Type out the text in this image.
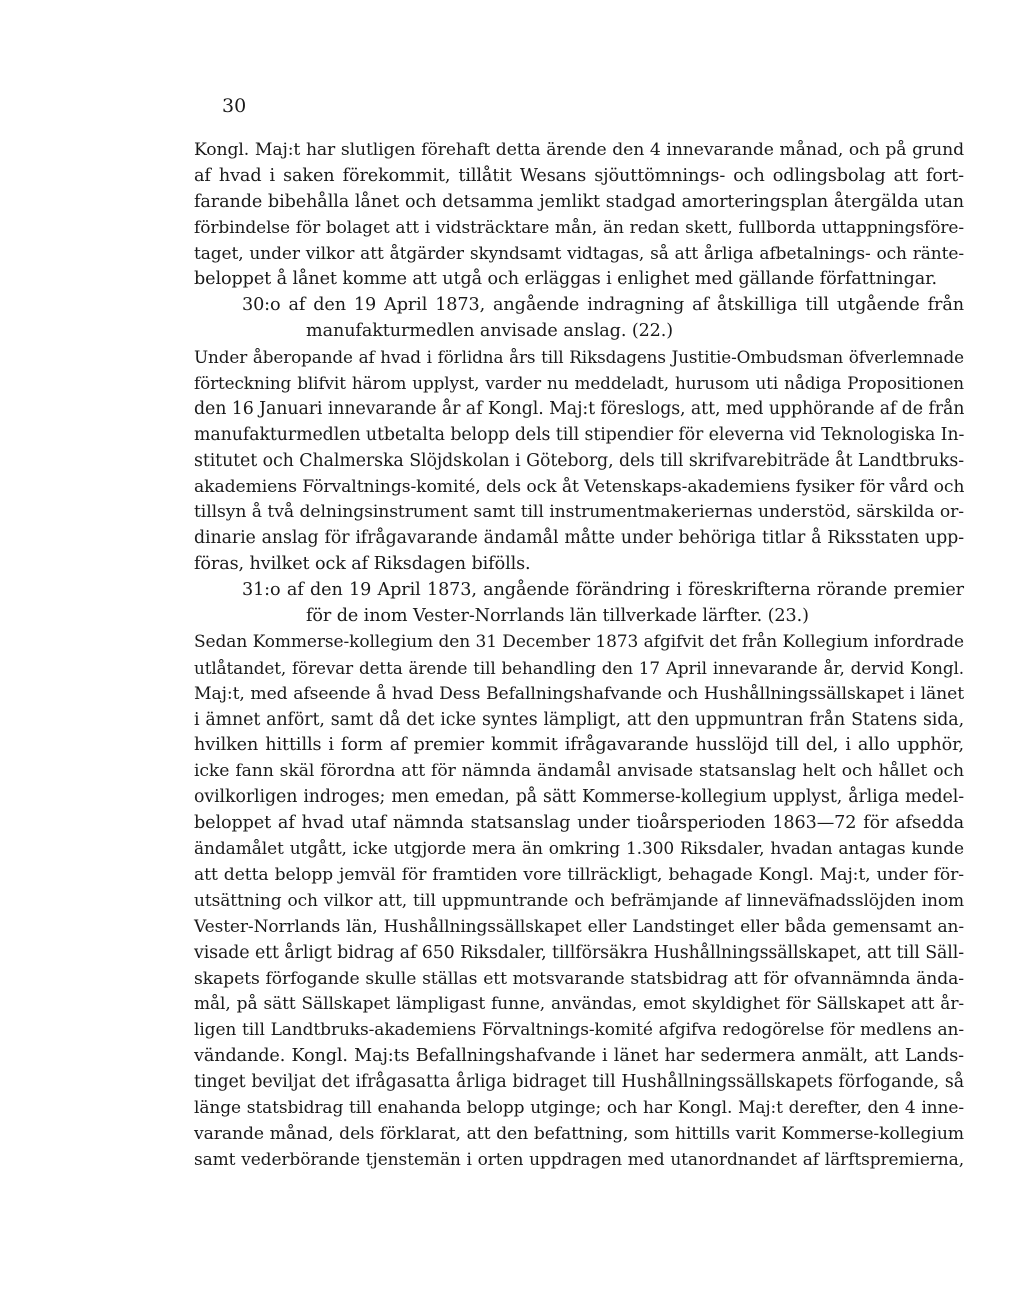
30
Kongl. Maj:t har slutligen förehaft detta ärende den 4 innevarande månad, och på grund
af hvad i saken förekommit, tillåtit Wesans sjöuttömnings- och odlingsbolag att fort-
farande bibehålla lånet och detsamma jemlikt stadgad amorteringsplan återgälda utan
förbindelse för bolaget att i vidsträcktare mån, än redan skett, fullborda uttappningsföre-
taget, under vilkor att åtgärder skyndsamt vidtagas, så att årliga afbetalnings- och ränte-
beloppet å lånet komme att utgå och erläggas i enlighet med gällande författningar.
30:o af den 19 April 1873, angående indragning af åtskilliga till utgående från
manufakturmedlen anvisade anslag. (22.)
Under åberopande af hvad i förlidna års till Riksdagens Justitie-Ombudsman öfverlemnade
förteckning blifvit härom upplyst, varder nu meddeladt, hurusom uti nådiga Propositionen
den 16 Januari innevarande år af Kongl. Maj:t föreslogs, att, med upphörande af de från
manufakturmedlen utbetalta belopp dels till stipendier för eleverna vid Teknologiska In-
stitutet och Chalmerska Slöjdskolan i Göteborg, dels till skrifvarebiträde åt Landtbruks-
akademiens Förvaltnings-komité, dels ock åt Vetenskaps-akademiens fysiker för vård och
tillsyn å två delningsinstrument samt till instrumentmakeriernas understöd, särskilda or-
dinarie anslag för ifrågavarande ändamål måtte under behöriga titlar å Riksstaten upp-
föras, hvilket ock af Riksdagen bifölls.
31:o af den 19 April 1873, angående förändring i föreskrifterna rörande premier
för de inom Vester-Norrlands län tillverkade lärfter. (23.)
Sedan Kommerse-kollegium den 31 December 1873 afgifvit det från Kollegium infordrade
utlåtandet, förevar detta ärende till behandling den 17 April innevarande år, dervid Kongl.
Maj:t, med afseende å hvad Dess Befallningshafvande och Hushållningssällskapet i länet
i ämnet anfört, samt då det icke syntes lämpligt, att den uppmuntran från Statens sida,
hvilken hittills i form af premier kommit ifrågavarande husslöjd till del, i allo upphör,
icke fann skäl förordna att för nämnda ändamål anvisade statsanslag helt och hållet och
ovilkorligen indroges; men emedan, på sätt Kommerse-kollegium upplyst, årliga medel-
beloppet af hvad utaf nämnda statsanslag under tioårsperioden 1863—72 för afsedda
ändamålet utgått, icke utgjorde mera än omkring 1.300 Riksdaler, hvadan antagas kunde
att detta belopp jemväl för framtiden vore tillräckligt, behagade Kongl. Maj:t, under för-
utsättning och vilkor att, till uppmuntrande och befrämjande af linneväfnadsslöjden inom
Vester-Norrlands län, Hushållningssällskapet eller Landstinget eller båda gemensamt an-
visade ett årligt bidrag af 650 Riksdaler, tillförsäkra Hushållningssällskapet, att till Säll-
skapets förfogande skulle ställas ett motsvarande statsbidrag att för ofvannämnda ända-
mål, på sätt Sällskapet lämpligast funne, användas, emot skyldighet för Sällskapet att år-
ligen till Landtbruks-akademiens Förvaltnings-komité afgifva redogörelse för medlens an-
vändande. Kongl. Maj:ts Befallningshafvande i länet har sedermera anmält, att Lands-
tinget beviljat det ifrågasatta årliga bidraget till Hushållningssällskapets förfogande, så
länge statsbidrag till enahanda belopp utginge; och har Kongl. Maj:t derefter, den 4 inne-
varande månad, dels förklarat, att den befattning, som hittills varit Kommerse-kollegium
samt vederbörande tjenstemän i orten uppdragen med utanordnandet af lärftspremierna,
